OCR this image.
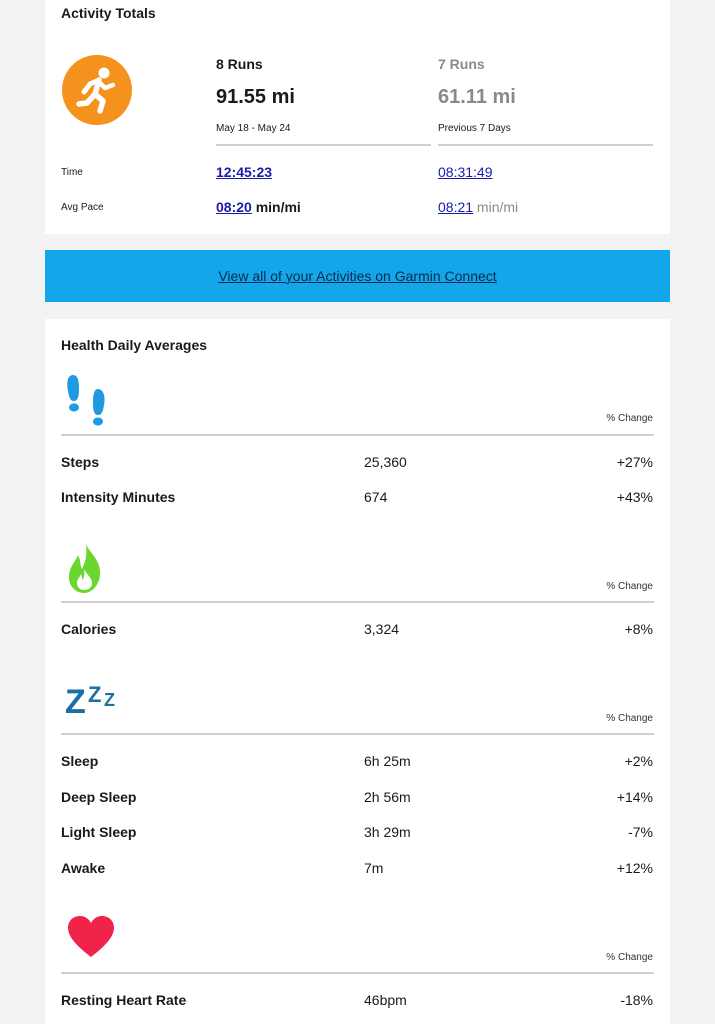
Activity Totals
8 Runs
91.55 mi
May 18 - May 24
7 Runs
61.11 mi
Previous 7 Days
Time	12:45:23	08:31:49
Avg Pace	08:20 min/mi	08:21 min/mi
View all of your Activities on Garmin Connect
Health Daily Averages
% Change
Steps	25,360	+27%
Intensity Minutes	674	+43%
% Change
Calories	3,324	+8%
Z Z Z
% Change
Sleep	6h 25m	+2%
Deep Sleep	2h 56m	+14%
Light Sleep	3h 29m	-7%
Awake	7m	+12%
% Change
Resting Heart Rate	46bpm	-18%
